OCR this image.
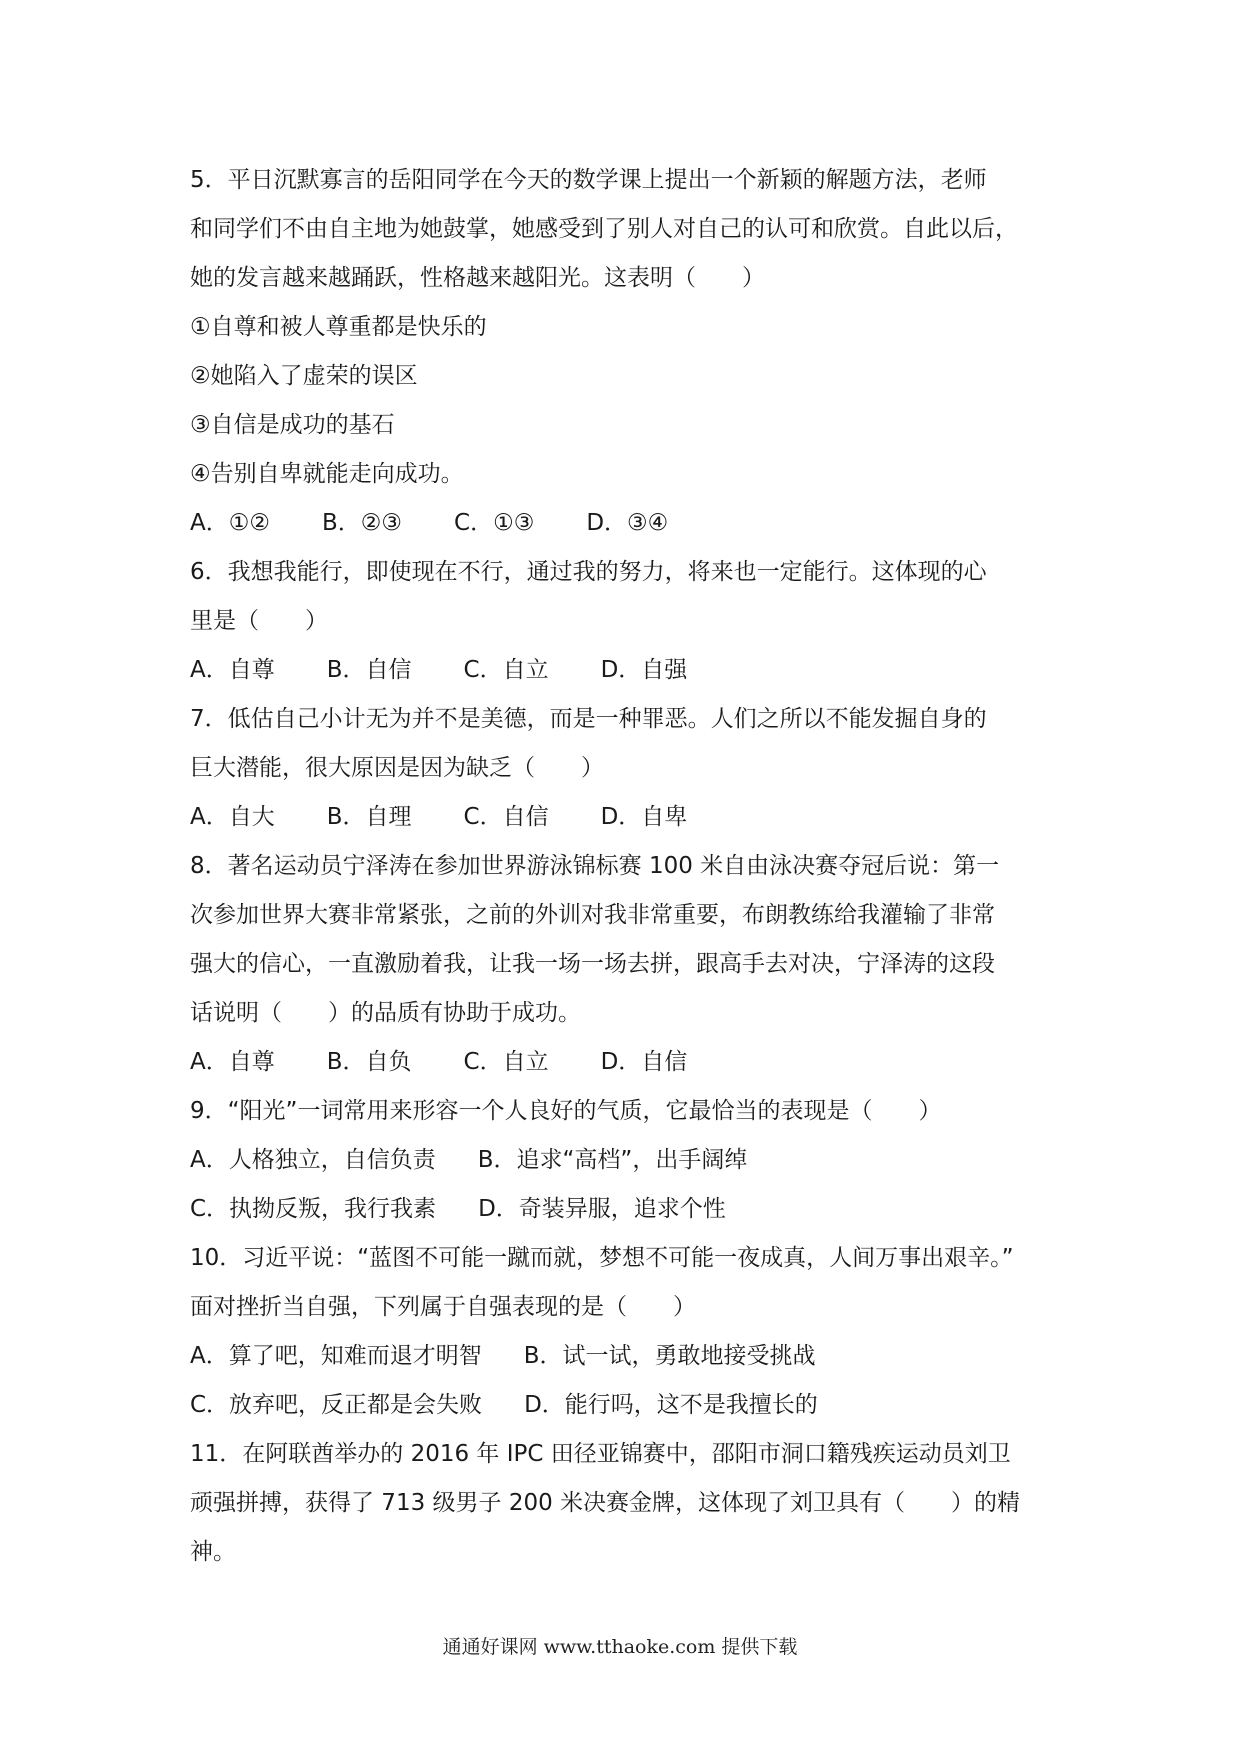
5．平日沉默寡言的岳阳同学在今天的数学课上提出一个新颖的解题方法，老师
和同学们不由自主地为她鼓掌，她感受到了别人对自己的认可和欣赏。自此以后，
她的发言越来越踊跃，性格越来越阳光。这表明（　　）
①自尊和被人尊重都是快乐的
②她陷入了虚荣的误区
③自信是成功的基石
④告别自卑就能走向成功。
A．①② B．②③ C．①③ D．③④
6．我想我能行，即使现在不行，通过我的努力，将来也一定能行。这体现的心
里是（　　）
A．自尊 B．自信 C．自立 D．自强
7．低估自己小计无为并不是美德，而是一种罪恶。人们之所以不能发掘自身的
巨大潜能，很大原因是因为缺乏（　　）
A．自大 B．自理 C．自信 D．自卑
8．著名运动员宁泽涛在参加世界游泳锦标赛 100 米自由泳决赛夺冠后说：第一
次参加世界大赛非常紧张，之前的外训对我非常重要，布朗教练给我灌输了非常
强大的信心，一直激励着我，让我一场一场去拼，跟高手去对决，宁泽涛的这段
话说明（　　）的品质有协助于成功。
A．自尊 B．自负 C．自立 D．自信
9．“阳光”一词常用来形容一个人良好的气质，它最恰当的表现是（　　）
A．人格独立，自信负责 B．追求“高档”，出手阔绰
C．执拗反叛，我行我素 D．奇装异服，追求个性
10．习近平说：“蓝图不可能一蹴而就，梦想不可能一夜成真，人间万事出艰辛。”
面对挫折当自强，下列属于自强表现的是（　　）
A．算了吧，知难而退才明智 B．试一试，勇敢地接受挑战
C．放弃吧，反正都是会失败 D．能行吗，这不是我擅长的
11．在阿联酋举办的 2016 年 IPC 田径亚锦赛中，邵阳市洞口籍残疾运动员刘卫
顽强拼搏，获得了 713 级男子 200 米决赛金牌，这体现了刘卫具有（　　）的精
神。
通通好课网 www.tthaoke.com 提供下载
